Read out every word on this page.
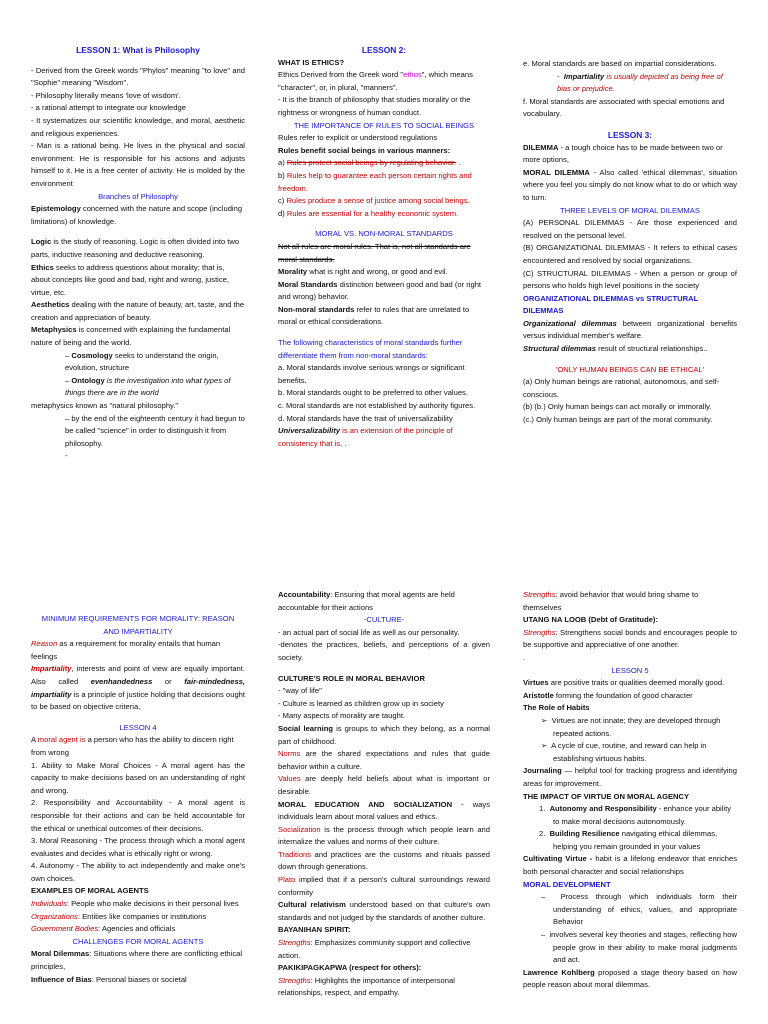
LESSON 1: What is Philosophy

- Derived from the Greek words "Phylos" meaning "to love" and "Sophie" meaning "Wisdom".

- Philosophy literally means 'love of wisdom'.

- a rational attempt to integrate our knowledge

- It systematizes our scientific knowledge, and moral, aesthetic and religious experiences.

- Man is a rational being. He lives in the physical and social environment. He is responsible for his actions and adjusts himself to it. He is a free center of activity. He is molded by the environment

Branches of Philosophy

Epistemology concerned with the nature and scope (including limitations) of knowledge.

Logic is the study of reasoning. Logic is often divided into two parts, inductive reasoning and deductive reasoning.

Ethics seeks to address questions about morality; that is, about concepts like good and bad, right and wrong, justice, virtue, etc.

Aesthetics dealing with the nature of beauty, art, taste, and the creation and appreciation of beauty.

Metaphysics is concerned with explaining the fundamental nature of being and the world.

– Cosmology seeks to understand the origin, evolution, structure

– Ontology is the investigation into what types of things there are in the world

metaphysics known as "natural philosophy."

– by the end of the eighteenth century it had begun to be called "science" in order to distinguish it from philosophy.

-

LESSON 2:

WHAT IS ETHICS?

Ethics Derived from the Greek word "ethos", which means "character", or, in plural, "manners".

- It is the branch of philosophy that studies morality or the rightness or wrongness of human conduct.

THE IMPORTANCE OF RULES TO SOCIAL BEINGS

Rules refer to explicit or understood regulations

Rules benefit social beings in various manners:

a) Rules protect social beings by regulating behavior. .

b) Rules help to guarantee each person certain rights and freedom.

c) Rules produce a sense of justice among social beings.

d) Rules are essential for a healthy economic system.

MORAL VS. NON-MORAL STANDARDS

Not all rules are moral rules. That is, not all standards are moral standards.

Morality what is right and wrong, or good and evil.

Moral Standards distinction between good and bad (or right and wrong) behavior.

Non-moral standards refer to rules that are unrelated to moral or ethical considerations.

The following characteristics of moral standards further differentiate them from non-moral standards:

a. Moral standards involve serious wrongs or significant benefits.

b. Moral standards ought to be preferred to other values.

c. Moral standards are not established by authority figures.

d. Moral standards have the trait of universalizability

Universalizability is an extension of the principle of consistency that is, .

e. Moral standards are based on impartial considerations.

-  Impartiality is usually depicted as being free of bias or prejudice.

f. Moral standards are associated with special emotions and vocabulary.

LESSON 3:

DILEMMA - a tough choice has to be made between two or more options,

MORAL DILEMMA - Also called 'ethical dilemmas', situation where you feel you simply do not know what to do or which way to turn.

THREE LEVELS OF MORAL DILEMMAS

(A) PERSONAL DILEMMAS - Are those experienced and resolved on the personal level.

(B) ORGANIZATIONAL DILEMMAS - It refers to ethical cases encountered and resolved by social organizations.

(C) STRUCTURAL DILEMMAS - When a person or group of persons who holds high level positions in the society

ORGANIZATIONAL DILEMMAS vs STRUCTURAL DILEMMAS

Organizational dilemmas between organizational benefits versus individual member's welfare.

Structural dilemmas result of structural relationships..

'ONLY HUMAN BEINGS CAN BE ETHICAL'

(a) Only human beings are rational, autonomous, and self-conscious.

(b) (b.) Only human beings can act morally or immorally.

(c.) Only human beings are part of the moral community.

MINIMUM REQUIREMENTS FOR MORALITY: REASON AND IMPARTIALITY

Reason as a requirement for morality entails that human feelings

Impartiality, interests and point of view are equally important. Also called evenhandedness or fair-mindedness, impartiality is a principle of justice holding that decisions ought to be based on objective criteria,

LESSON 4

A moral agent is a person who has the ability to discern right from wrong

1. Ability to Make Moral Choices - A moral agent has the capacity to make decisions based on an understanding of right and wrong.

2. Responsibility and Accountability - A moral agent is responsible for their actions and can be held accountable for the ethical or unethical outcomes of their decisions.

3. Moral Reasoning - The process through which a moral agent evaluates and decides what is ethically right or wrong.

4. Autonomy - The ability to act independently and make one's own choices.

EXAMPLES OF MORAL AGENTS

Individuals: People who make decisions in their personal lives

Organizations: Entities like companies or institutions

Government Bodies: Agencies and officials

CHALLENGES FOR MORAL AGENTS

Moral Dilemmas: Situations where there are conflicting ethical principles,

Influence of Bias: Personal biases or societal

Accountability: Ensuring that moral agents are held accountable for their actions

-CULTURE-

- an actual part of social life as well as our personality.

-denotes the practices, beliefs, and perceptions of a given society.

CULTURE'S ROLE IN MORAL BEHAVIOR

- "way of life"

- Culture is learned as children grow up in society

- Many aspects of morality are taught.

Social learning is groups to which they belong, as a normal part of childhood.

Norms are the shared expectations and rules that guide behavior within a culture.

Values are deeply held beliefs about what is important or desirable.

MORAL EDUCATION AND SOCIALIZATION - ways individuals learn about moral values and ethics.

Socialization is the process through which people learn and internalize the values and norms of their culture.

Traditions and practices are the customs and rituals passed down through generations.

Plato implied that if a person's cultural surroundings reward conformity

Cultural relativism understood based on that culture's own standards and not judged by the standards of another culture.

BAYANIHAN SPIRIT:

Strengths: Emphasizes community support and collective action.

PAKIKIPAGKAPWA (respect for others):

Strengths: Highlights the importance of interpersonal relationships, respect, and empathy.

Strengths: avoid behavior that would bring shame to themselves

UTANG NA LOOB (Debt of Gratitude):

Strengths: Strengthens social bonds and encourages people to be supportive and appreciative of one another.

.

LESSON 5

Virtues are positive traits or qualities deemed morally good.

Aristotle forming the foundation of good character

The Role of Habits

➢  Virtues are not innate; they are developed through repeated actions.

➢  A cycle of cue, routine, and reward can help in establishing virtuous habits.

Journaling — helpful tool for tracking progress and identifying areas for improvement.

THE IMPACT OF VIRTUE ON MORAL AGENCY

1.  Autonomy and Responsibility - enhance your ability to make moral decisions autonomously.

2.  Building Resilience navigating ethical dilemmas, helping you remain grounded in your values

Cultivating Virtue - habit is a lifelong endeavor that enriches both personal character and social relationships

MORAL DEVELOPMENT

–  Process through which individuals form their understanding of ethics, values, and appropriate Behavior

–  involves several key theories and stages, reflecting how people grow in their ability to make moral judgments and act.

Lawrence Kohlberg proposed a stage theory based on how people reason about moral dilemmas.
